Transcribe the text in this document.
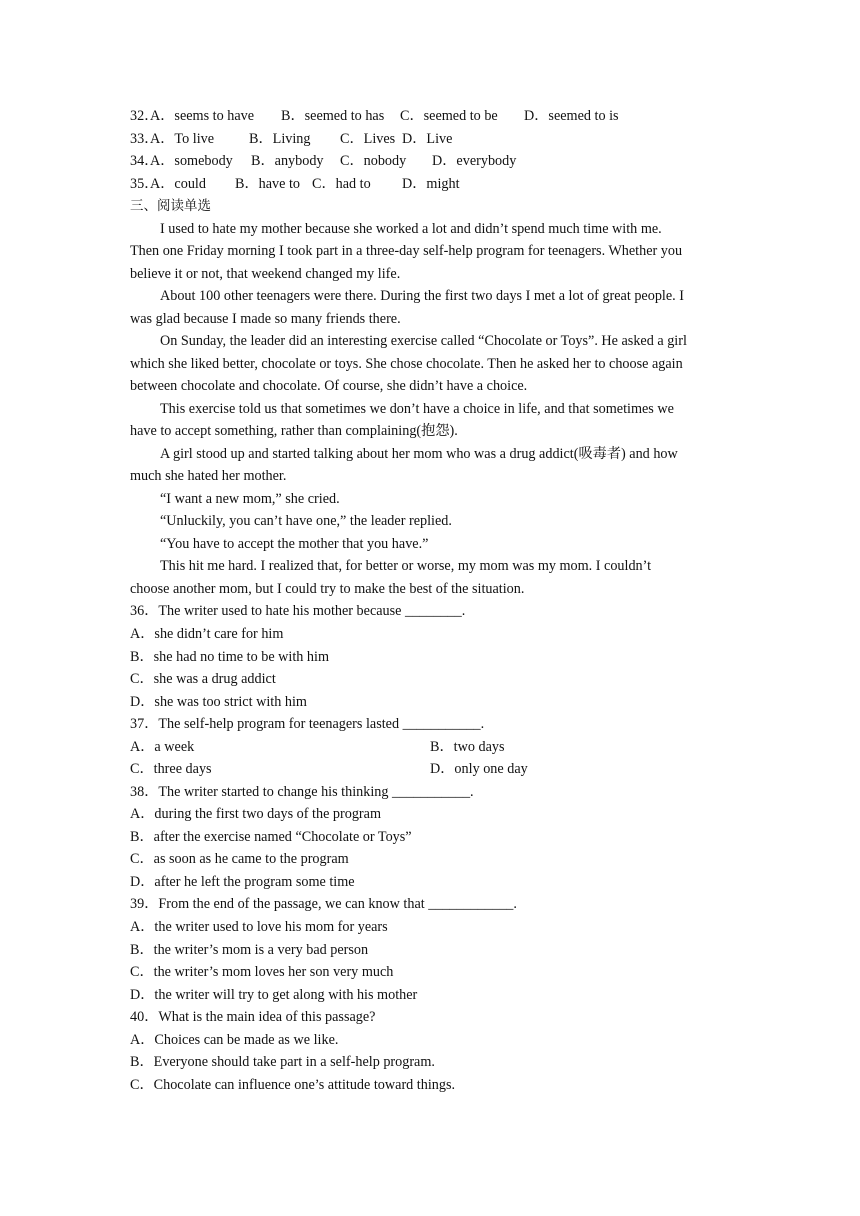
32．
A．seems to have B．seemed to has C．seemed to be D．seemed to is
33．
A．To live B．Living C．Lives D．Live
34．
A．somebody B．anybody C．nobody D．everybody
35．
A．could B．have to C．had to D．might
三、阅读单选
I used to hate my mother because she worked a lot and didn’t spend much time with me.
Then one Friday morning I took part in a three-day self-help program for teenagers. Whether you
believe it or not, that weekend changed my life.
About 100 other teenagers were there. During the first two days I met a lot of great people. I
was glad because I made so many friends there.
On Sunday, the leader did an interesting exercise called “Chocolate or Toys”. He asked a girl
which she liked better, chocolate or toys. She chose chocolate. Then he asked her to choose again
between chocolate and chocolate. Of course, she didn’t have a choice.
This exercise told us that sometimes we don’t have a choice in life, and that sometimes we
have to accept something, rather than complaining(抱怨).
A girl stood up and started talking about her mom who was a drug addict(吸毒者) and how
much she hated her mother.
“I want a new mom,” she cried.
“Unluckily, you can’t have one,” the leader replied.
“You have to accept the mother that you have.”
This hit me hard. I realized that, for better or worse, my mom was my mom. I couldn’t
choose another mom, but I could try to make the best of the situation.
36．The writer used to hate his mother because ________.
A．she didn’t care for him
B．she had no time to be with him
C．she was a drug addict
D．she was too strict with him
37．The self-help program for teenagers lasted ___________.
A．a week	B．two days
C．three days	D．only one day
38．The writer started to change his thinking ___________.
A．during the first two days of the program
B．after the exercise named “Chocolate or Toys”
C．as soon as he came to the program
D．after he left the program some time
39．From the end of the passage, we can know that ____________.
A．the writer used to love his mom for years
B．the writer’s mom is a very bad person
C．the writer’s mom loves her son very much
D．the writer will try to get along with his mother
40．What is the main idea of this passage?
A．Choices can be made as we like.
B．Everyone should take part in a self-help program.
C．Chocolate can influence one’s attitude toward things.
